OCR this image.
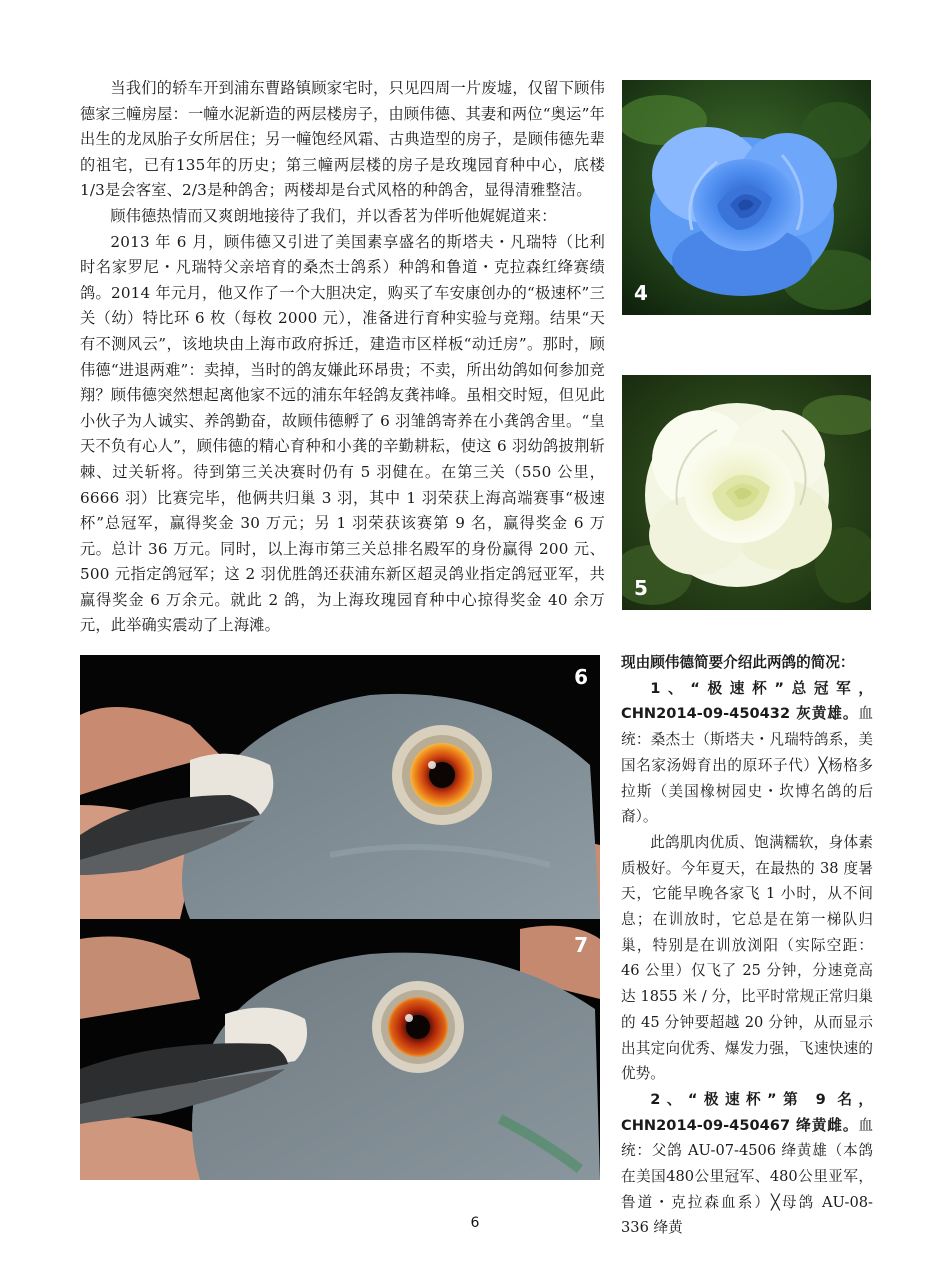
当我们的轿车开到浦东曹路镇顾家宅时，只见四周一片废墟，仅留下顾伟德家三幢房屋：一幢水泥新造的两层楼房子，由顾伟德、其妻和两位“奥运”年出生的龙凤胎子女所居住；另一幢饱经风霜、古典造型的房子，是顾伟德先辈的祖宅，已有135年的历史；第三幢两层楼的房子是玫瑰园育种中心，底楼1/3是会客室、2/3是种鸽舍；两楼却是台式风格的种鸽舍，显得清雅整洁。

顾伟德热情而又爽朗地接待了我们，并以香茗为伴听他娓娓道来：

2013 年 6 月，顾伟德又引进了美国素享盛名的斯塔夫・凡瑞特（比利时名家罗尼・凡瑞特父亲培育的桑杰士鸽系）种鸽和鲁道・克拉森红绛赛绩鸽。2014 年元月，他又作了一个大胆决定，购买了车安康创办的“极速杯”三关（幼）特比环 6 枚（每枚 2000 元），准备进行育种实验与竞翔。结果“天有不测风云”，该地块由上海市政府拆迁，建造市区样板“动迁房”。那时，顾伟德“进退两难”：卖掉，当时的鸽友嫌此环昂贵；不卖，所出幼鸽如何参加竞翔？顾伟德突然想起离他家不远的浦东年轻鸽友龚祎峰。虽相交时短，但见此小伙子为人诚实、养鸽勤奋，故顾伟德孵了 6 羽雏鸽寄养在小龚鸽舍里。“皇天不负有心人”，顾伟德的精心育种和小龚的辛勤耕耘，使这 6 羽幼鸽披荆斩棘、过关斩将。待到第三关决赛时仍有 5 羽健在。在第三关（550 公里，6666 羽）比赛完毕，他俩共归巢 3 羽，其中 1 羽荣获上海高端赛事“极速杯”总冠军，赢得奖金 30 万元；另 1 羽荣获该赛第 9 名，赢得奖金 6 万元。总计 36 万元。同时，以上海市第三关总排名殿军的身份赢得 200 元、500 元指定鸽冠军；这 2 羽优胜鸽还获浦东新区超灵鸽业指定鸽冠亚军，共赢得奖金 6 万余元。就此 2 鸽，为上海玫瑰园育种中心掠得奖金 40 余万元，此举确实震动了上海滩。

4
5
6
7

现由顾伟德简要介绍此两鸽的简况：

1、“极速杯”总冠军，CHN2014-09-450432 灰黄雄。血统：桑杰士（斯塔夫・凡瑞特鸽系，美国名家汤姆育出的原环子代）╳杨格多拉斯（美国橡树园史・坎博名鸽的后裔）。

此鸽肌肉优质、饱满糯软，身体素质极好。今年夏天，在最热的 38 度暑天，它能早晚各家飞 1 小时，从不间息；在训放时，它总是在第一梯队归巢，特别是在训放浏阳（实际空距：46 公里）仅飞了 25 分钟，分速竟高达 1855 米 / 分，比平时常规正常归巢的 45 分钟要超越 20 分钟，从而显示出其定向优秀、爆发力强，飞速快速的优势。

2、“极速杯”第 9 名，CHN2014-09-450467 绛黄雌。血统：父鸽 AU-07-4506 绛黄雄（本鸽在美国480公里冠军、480公里亚军，鲁道・克拉森血系）╳母鸽 AU-08-336 绛黄

6
